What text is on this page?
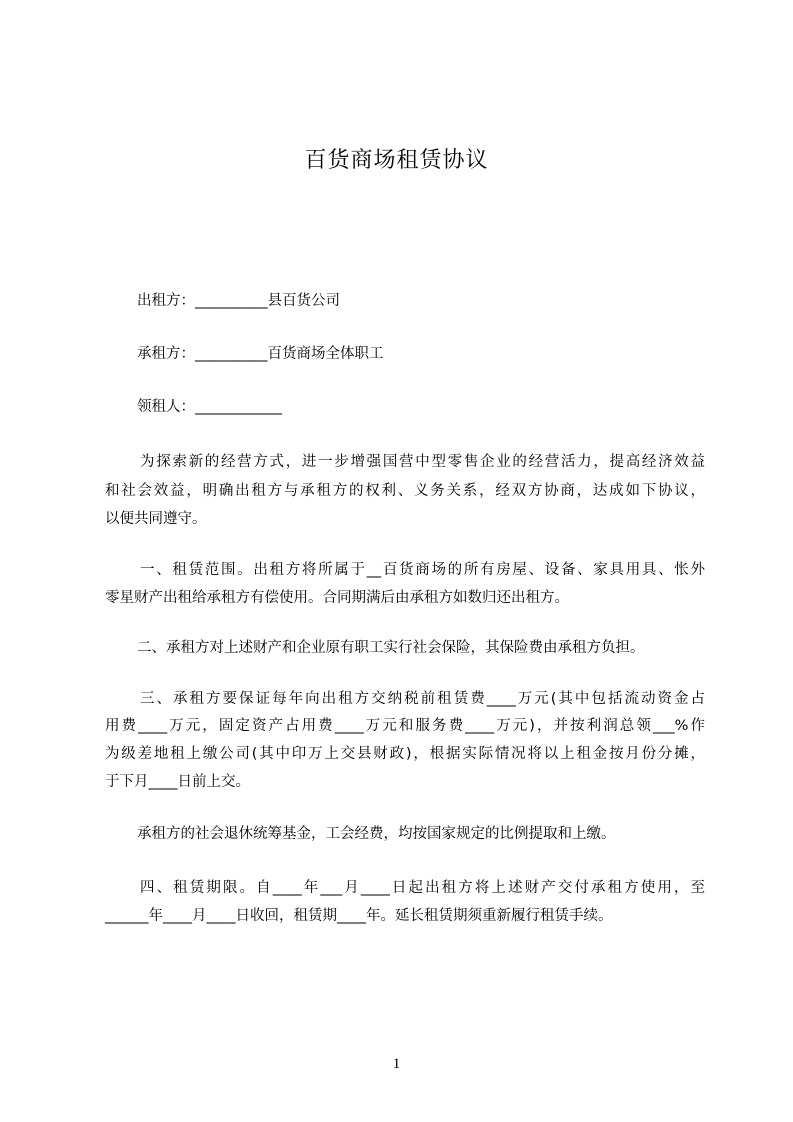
百货商场租赁协议
出租方：__________县百货公司
承租方：__________百货商场全体职工
领租人：____________
为探索新的经营方式，进一步增强国营中型零售企业的经营活力，提高经济效益
和社会效益，明确出租方与承租方的权利、义务关系，经双方协商，达成如下协议，
以便共同遵守。
一、租赁范围。出租方将所属于__百货商场的所有房屋、设备、家具用具、怅外
零星财产出租给承租方有偿使用。合同期满后由承租方如数归还出租方。
二、承租方对上述财产和企业原有职工实行社会保险，其保险费由承租方负担。
三、承租方要保证每年向出租方交纳税前租赁费____万元(其中包括流动资金占
用费____万元，固定资产占用费____万元和服务费____万元)，并按利润总领___%作
为级差地租上缴公司(其中印万上交县财政)，根据实际情况将以上租金按月份分摊，
于下月____日前上交。
承租方的社会退休统筹基金，工会经费，均按国家规定的比例提取和上缴。
四、租赁期限。自____年___月____日起出租方将上述财产交付承租方使用，至
______年____月____日收回，租赁期____年。延长租赁期须重新履行租赁手续。
1
